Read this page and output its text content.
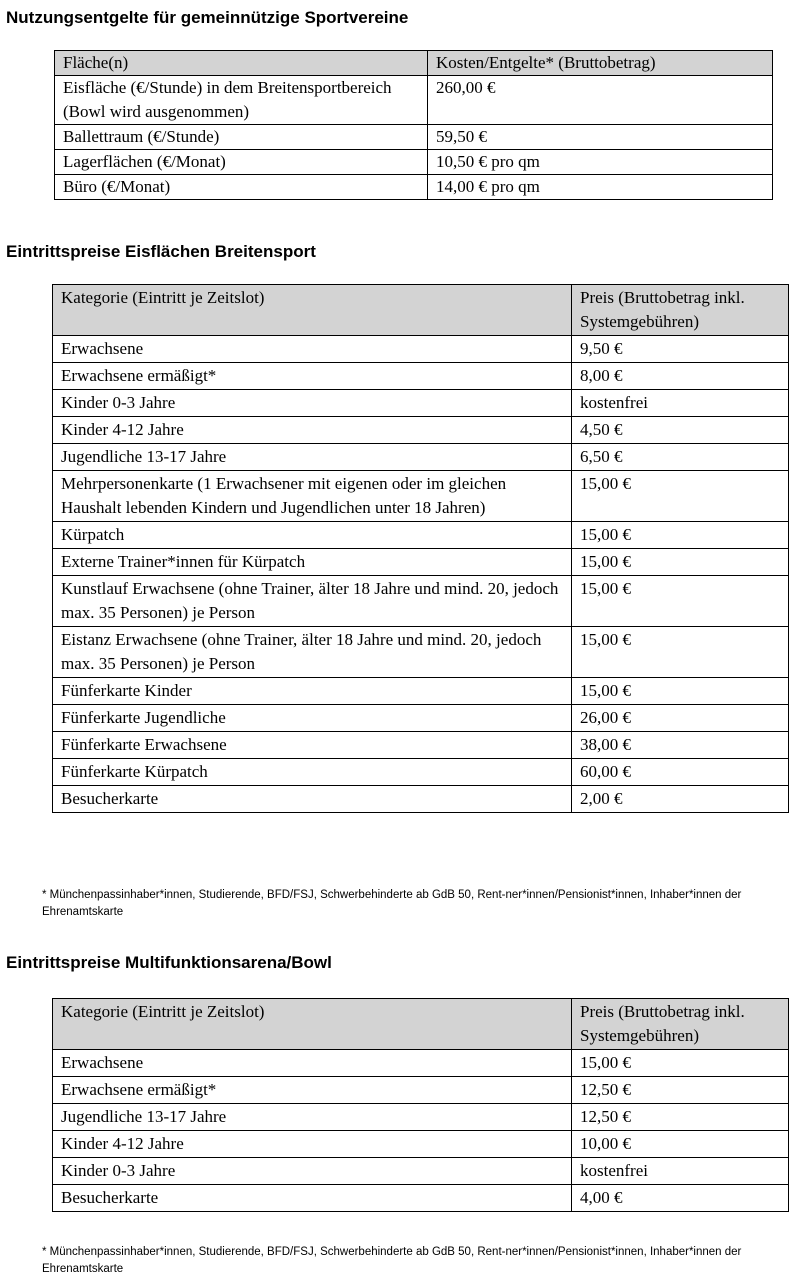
Nutzungsentgelte für gemeinnützige Sportvereine
Fläche(n)	Kosten/Entgelte* (Bruttobetrag)
Eisfläche (€/Stunde) in dem Breitensportbereich (Bowl wird ausgenommen)	260,00 €
Ballettraum (€/Stunde)	59,50 €
Lagerflächen (€/Monat)	10,50 € pro qm
Büro (€/Monat)	14,00 € pro qm
Eintrittspreise Eisflächen Breitensport
Kategorie (Eintritt je Zeitslot)	Preis (Bruttobetrag inkl. Systemgebühren)
Erwachsene	9,50 €
Erwachsene ermäßigt*	8,00 €
Kinder 0-3 Jahre	kostenfrei
Kinder 4-12 Jahre	4,50 €
Jugendliche 13-17 Jahre	6,50 €
Mehrpersonenkarte (1 Erwachsener mit eigenen oder im gleichen Haushalt lebenden Kindern und Jugendlichen unter 18 Jahren)	15,00 €
Kürpatch	15,00 €
Externe Trainer*innen für Kürpatch	15,00 €
Kunstlauf Erwachsene (ohne Trainer, älter 18 Jahre und mind. 20, jedoch max. 35 Personen) je Person	15,00 €
Eistanz Erwachsene (ohne Trainer, älter 18 Jahre und mind. 20, jedoch max. 35 Personen) je Person	15,00 €
Fünferkarte Kinder	15,00 €
Fünferkarte Jugendliche	26,00 €
Fünferkarte Erwachsene	38,00 €
Fünferkarte Kürpatch	60,00 €
Besucherkarte	2,00 €

* Münchenpassinhaber*innen, Studierende, BFD/FSJ, Schwerbehinderte ab GdB 50, Rent-ner*innen/Pensionist*innen, Inhaber*innen der Ehrenamtskarte

Eintrittspreise Multifunktionsarena/Bowl
Kategorie (Eintritt je Zeitslot)	Preis (Bruttobetrag inkl. Systemgebühren)
Erwachsene	15,00 €
Erwachsene ermäßigt*	12,50 €
Jugendliche 13-17 Jahre	12,50 €
Kinder 4-12 Jahre	10,00 €
Kinder 0-3 Jahre	kostenfrei
Besucherkarte	4,00 €

* Münchenpassinhaber*innen, Studierende, BFD/FSJ, Schwerbehinderte ab GdB 50, Rent-ner*innen/Pensionist*innen, Inhaber*innen der Ehrenamtskarte
